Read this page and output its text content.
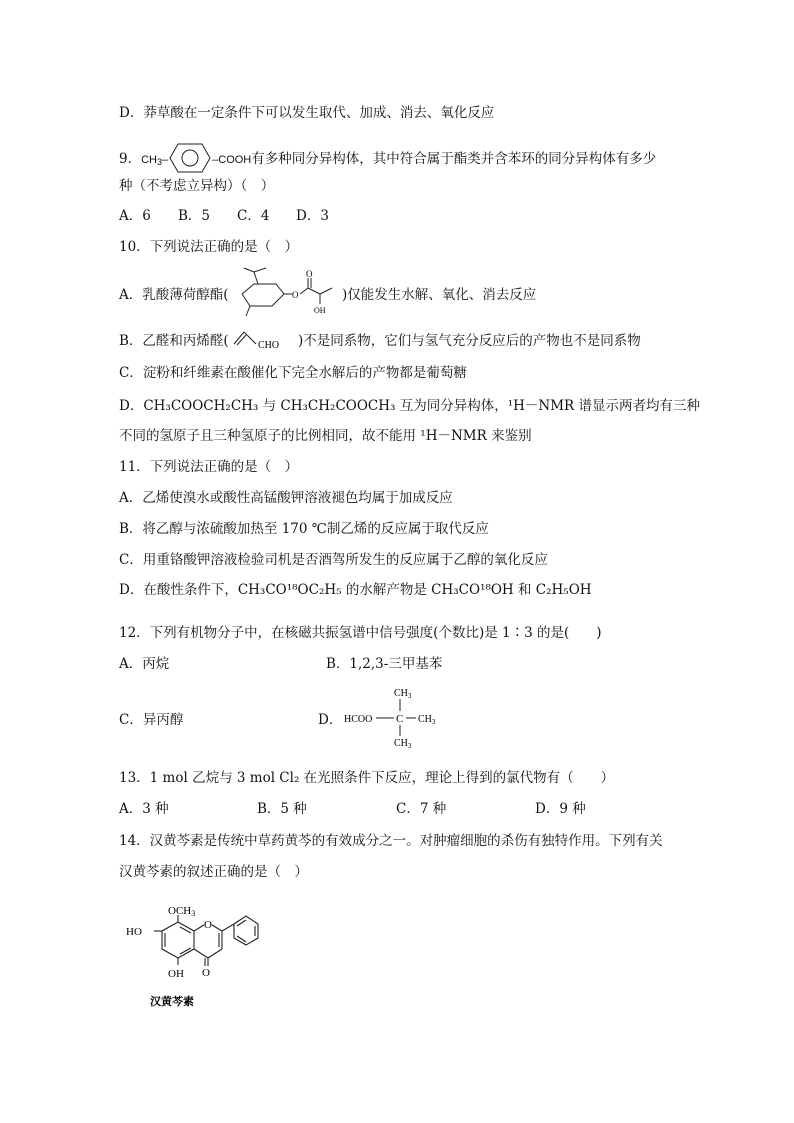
D．莽草酸在一定条件下可以发生取代、加成、消去、氧化反应
9．$CH_3-$	–COOH有多种同分异构体，其中符合属于酯类并含苯环的同分异构体有多少
种（不考虑立异构）（　）
A．6 B．5 C．4 D．3
10．下列说法正确的是（　）
A．乳酸薄荷醇酯(	O
O
OH
)仅能发生水解、氧化、消去反应
B．乙醛和丙烯醛(	CHO )不是同系物，它们与氢气充分反应后的产物也不是同系物
C．淀粉和纤维素在酸催化下完全水解后的产物都是葡萄糖
D．CH₃COOCH₂CH₃ 与 CH₃CH₂COOCH₃ 互为同分异构体，¹H－NMR 谱显示两者均有三种
不同的氢原子且三种氢原子的比例相同，故不能用 ¹H－NMR 来鉴别
11．下列说法正确的是（　）
A．乙烯使溴水或酸性高锰酸钾溶液褪色均属于加成反应
B．将乙醇与浓硫酸加热至 170 ℃制乙烯的反应属于取代反应
C．用重铬酸钾溶液检验司机是否酒驾所发生的反应属于乙醇的氧化反应
D．在酸性条件下，CH₃CO¹⁸OC₂H₅ 的水解产物是 CH₃CO¹⁸OH 和 C₂H₅OH
12．下列有机物分子中，在核磁共振氢谱中信号强度(个数比)是 1∶3 的是(　　)
A．丙烷	B．1,2,3-三甲基苯
C．异丙醇	D．
$CH_3$
HCOO C $CH_3$
$CH_3$
13．1 mol 乙烷与 3 mol Cl₂ 在光照条件下反应，理论上得到的氯代物有（　　）
A．3 种	B．5 种	C．7 种	D．9 种
14．汉黄芩素是传统中草药黄芩的有效成分之一。对肿瘤细胞的杀伤有独特作用。下列有关
汉黄芩素的叙述正确的是（　）
OCH3
HO
O
OH O
汉黄芩素
